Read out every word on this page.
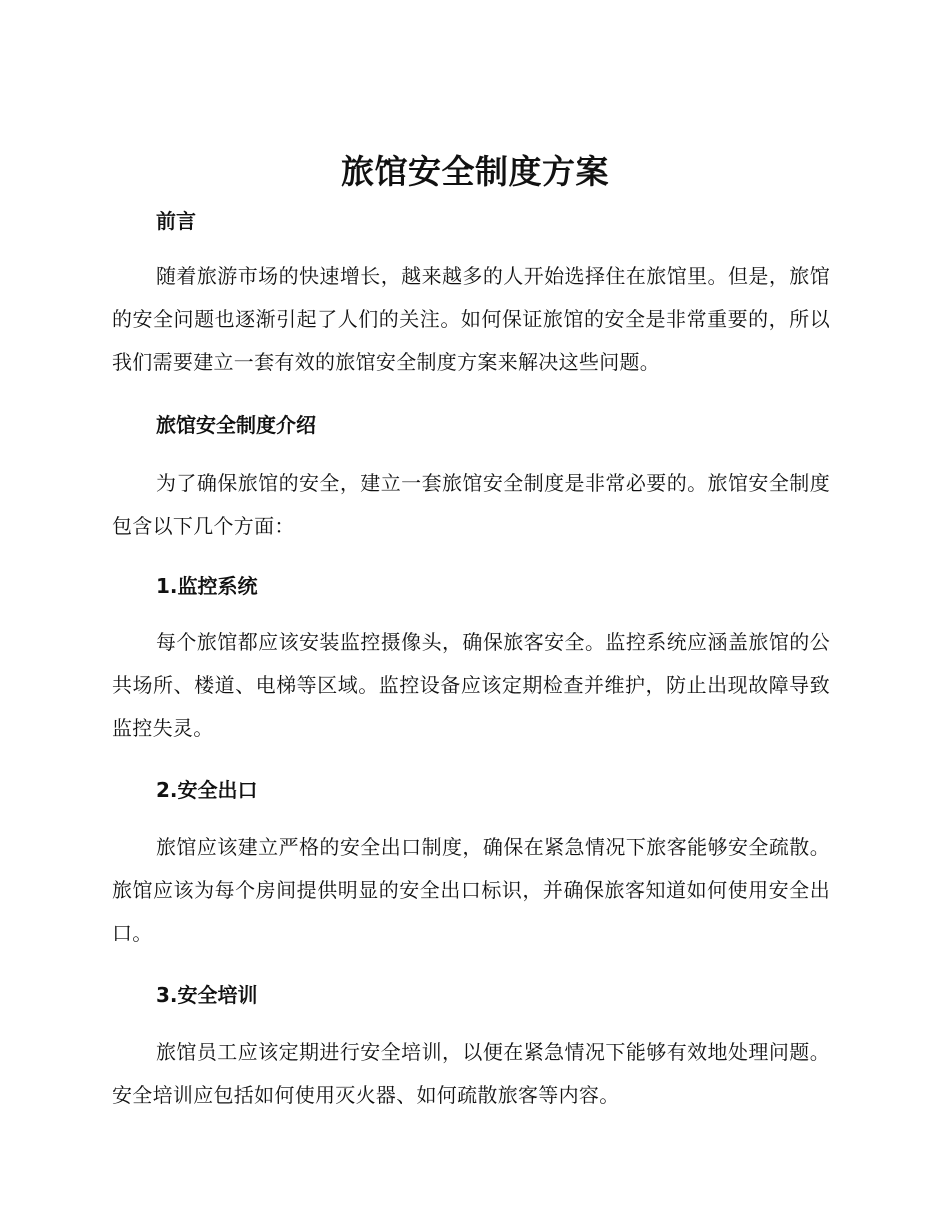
旅馆安全制度方案
前言
随着旅游市场的快速增长，越来越多的人开始选择住在旅馆里。但是，旅馆的安全问题也逐渐引起了人们的关注。如何保证旅馆的安全是非常重要的，所以我们需要建立一套有效的旅馆安全制度方案来解决这些问题。
旅馆安全制度介绍
为了确保旅馆的安全，建立一套旅馆安全制度是非常必要的。旅馆安全制度包含以下几个方面：
1.监控系统
每个旅馆都应该安装监控摄像头，确保旅客安全。监控系统应涵盖旅馆的公共场所、楼道、电梯等区域。监控设备应该定期检查并维护，防止出现故障导致监控失灵。
2.安全出口
旅馆应该建立严格的安全出口制度，确保在紧急情况下旅客能够安全疏散。旅馆应该为每个房间提供明显的安全出口标识，并确保旅客知道如何使用安全出口。
3.安全培训
旅馆员工应该定期进行安全培训，以便在紧急情况下能够有效地处理问题。安全培训应包括如何使用灭火器、如何疏散旅客等内容。
